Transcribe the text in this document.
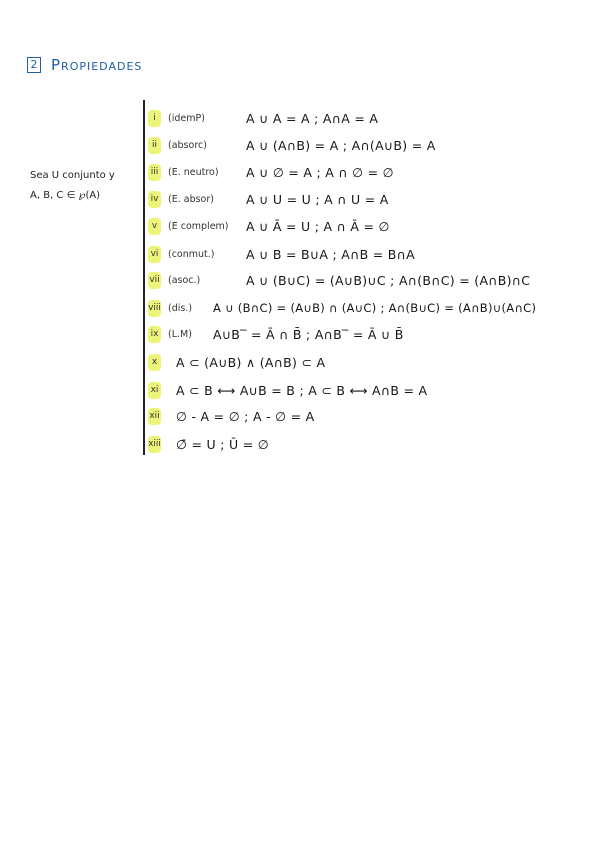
2 Propiedades
Sea U conjunto y
A, B, C ∈ ℘(A)
i	(idemP)	A ∪ A = A ; A∩A = A
ii	(absorc)	A ∪ (A∩B) = A ; A∩(A∪B) = A
iii (E. neutro)	A ∪ ∅ = A ; A ∩ ∅ = ∅
iv (E. absor)	A ∪ U = U ; A ∩ U = A
v	(E complem)	A ∪ Ā = U ; A ∩ Ā = ∅
vi (conmut.)	A ∪ B = B∪A ; A∩B = B∩A
vii (asoc.)	A ∪ (B∪C) = (A∪B)∪C ; A∩(B∩C) = (A∩B)∩C
viii (dis.)	A ∪ (B∩C) = (A∪B) ∩ (A∪C) ; A∩(B∪C) = (A∩B)∪(A∩C)
ix (L.M)	A∪B‾ = Ā ∩ B̄ ; A∩B‾ = Ā ∪ B̄
x	A ⊂ (A∪B) ∧ (A∩B) ⊂ A
xi A ⊂ B ⟷ A∪B = B ; A ⊂ B ⟷ A∩B = A
xii ∅ - A = ∅ ; A - ∅ = A
xiii ∅̄ = U ; Ū = ∅
